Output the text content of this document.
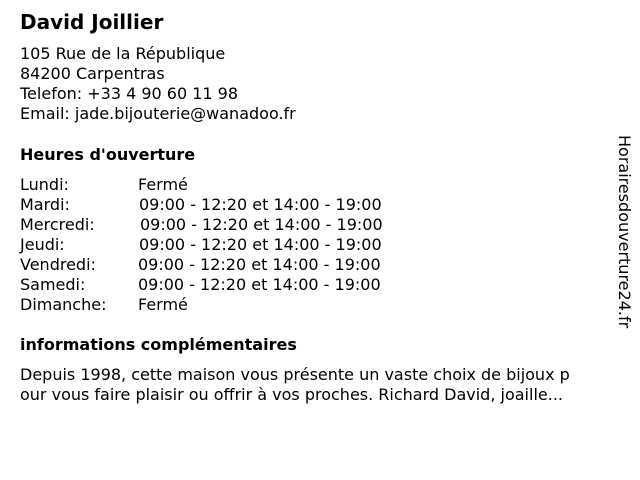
David Joillier
105 Rue de la République
84200 Carpentras
Telefon: +33 4 90 60 11 98
Email: jade.bijouterie@wanadoo.fr
Heures d'ouverture
Lundi:	Fermé
Mardi:	09:00 - 12:20 et 14:00 - 19:00
Mercredi:	09:00 - 12:20 et 14:00 - 19:00
Jeudi:	09:00 - 12:20 et 14:00 - 19:00
Vendredi:	09:00 - 12:20 et 14:00 - 19:00
Samedi:	09:00 - 12:20 et 14:00 - 19:00
Dimanche: Fermé
informations complémentaires
Depuis 1998, cette maison vous présente un vaste choix de bijoux p
our vous faire plaisir ou offrir à vos proches. Richard David, joaille...
Horairesdouverture24.fr
